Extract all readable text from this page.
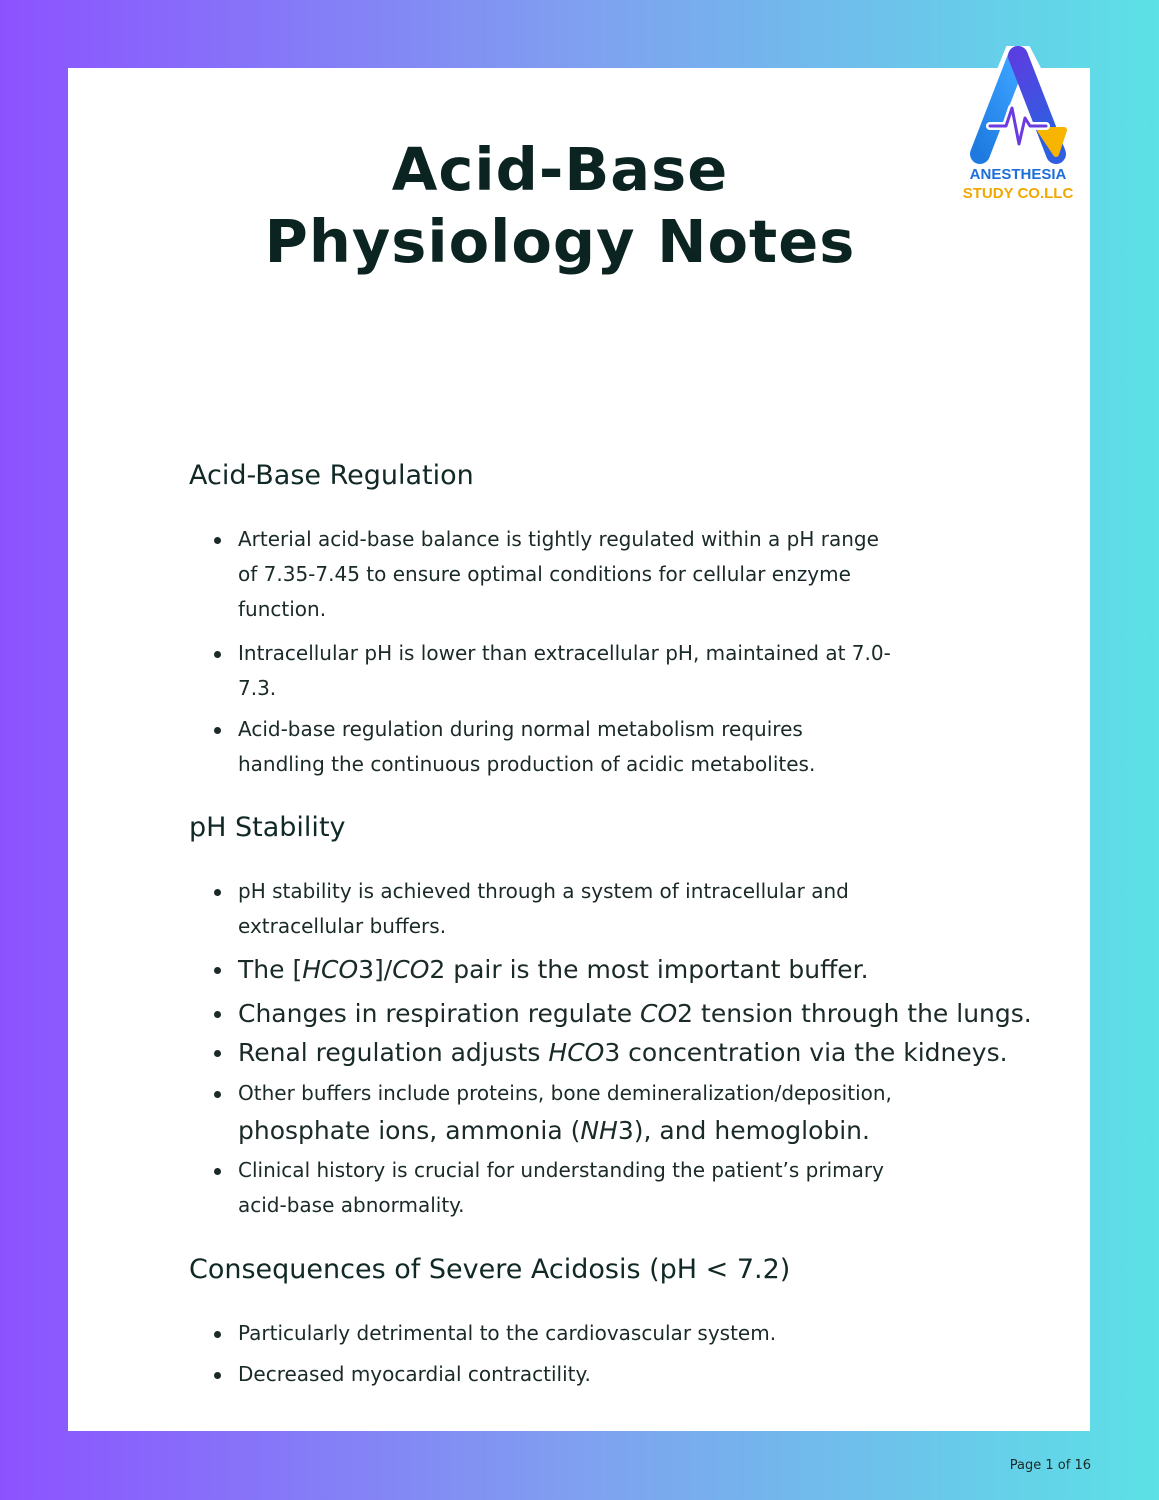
Acid-Base
Physiology Notes
ANESTHESIA
STUDY CO.LLC
Acid-Base Regulation
Arterial acid-base balance is tightly regulated within a pH range
of 7.35-7.45 to ensure optimal conditions for cellular enzyme
function.
Intracellular pH is lower than extracellular pH, maintained at 7.0-
7.3.
Acid-base regulation during normal metabolism requires
handling the continuous production of acidic metabolites.
pH Stability
pH stability is achieved through a system of intracellular and
extracellular buffers.
The [HCO3]/CO2 pair is the most important buffer.
Changes in respiration regulate CO2 tension through the lungs.
Renal regulation adjusts HCO3 concentration via the kidneys.
Other buffers include proteins, bone demineralization/deposition,
phosphate ions, ammonia (NH3), and hemoglobin.
Clinical history is crucial for understanding the patient’s primary
acid-base abnormality.
Consequences of Severe Acidosis (pH < 7.2)
Particularly detrimental to the cardiovascular system.
Decreased myocardial contractility.
Page 1 of 16
